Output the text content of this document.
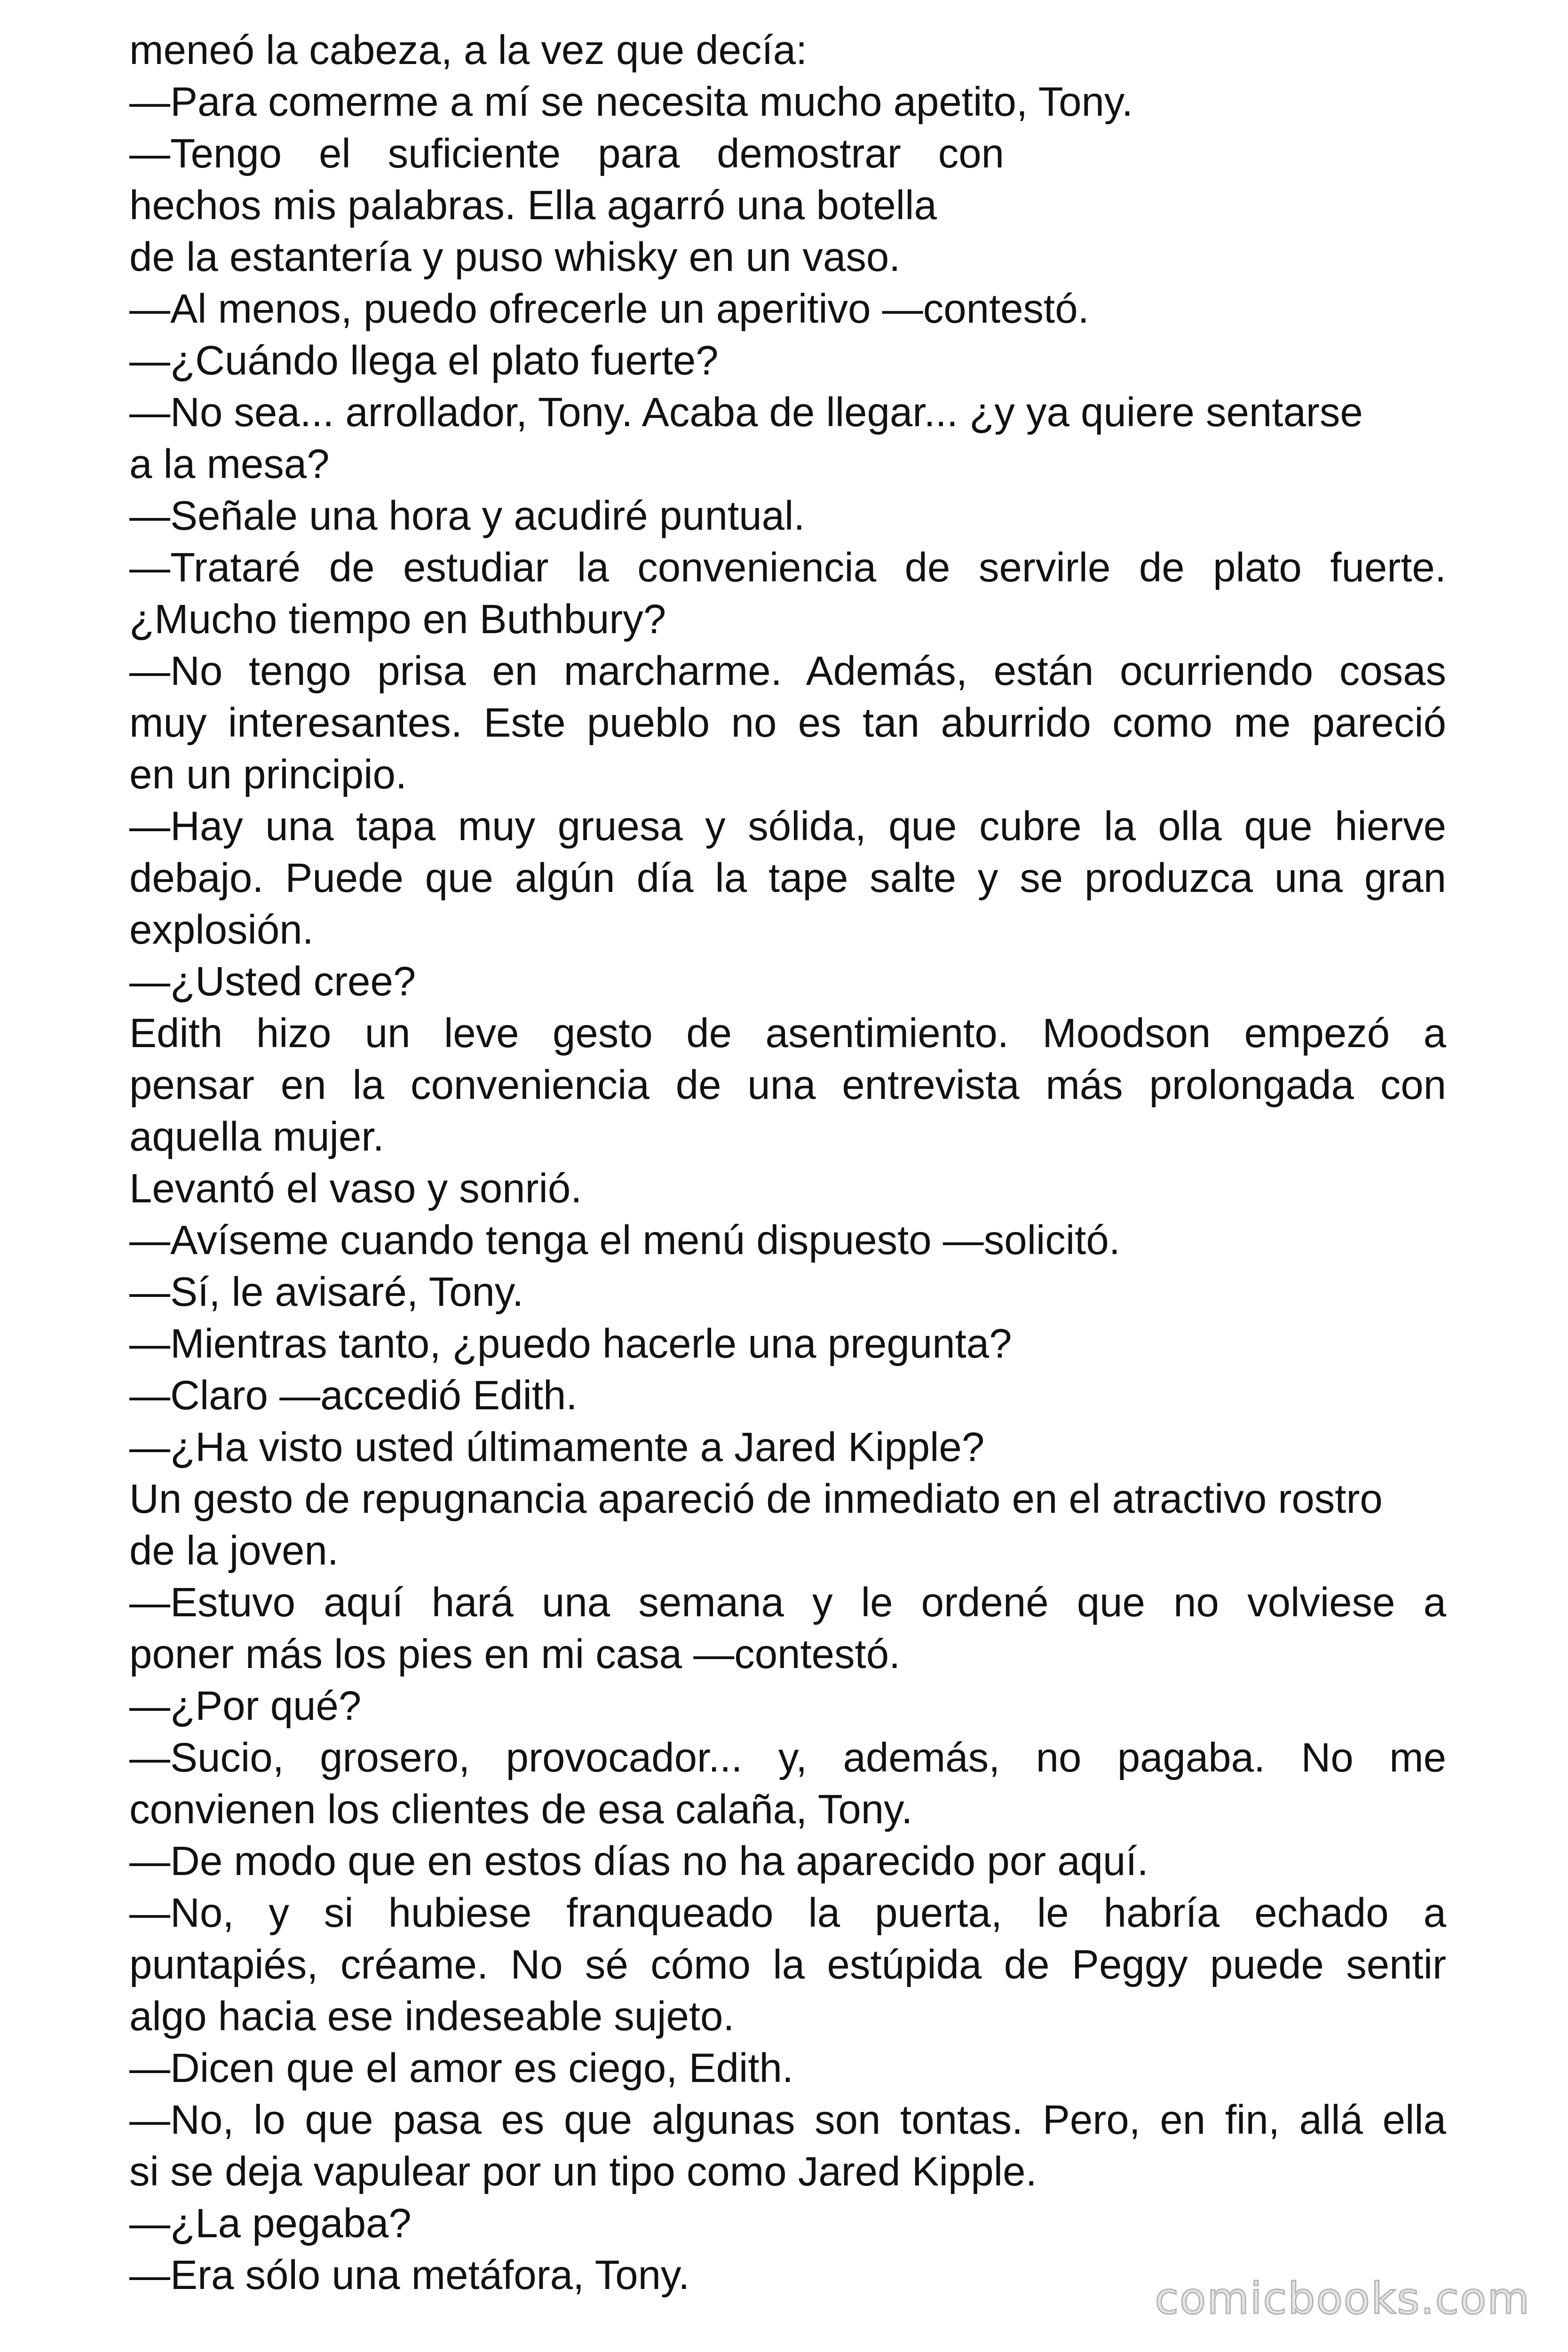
meneó la cabeza, a la vez que decía:
—Para comerme a mí se necesita mucho apetito, Tony.
—Tengo el suficiente para demostrar con
hechos mis palabras. Ella agarró una botella
de la estantería y puso whisky en un vaso.
—Al menos, puedo ofrecerle un aperitivo —contestó.
—¿Cuándo llega el plato fuerte?
—No sea... arrollador, Tony. Acaba de llegar... ¿y ya quiere sentarse
a la mesa?
—Señale una hora y acudiré puntual.
—Trataré de estudiar la conveniencia de servirle de plato fuerte.
¿Mucho tiempo en Buthbury?
—No tengo prisa en marcharme. Además, están ocurriendo cosas
muy interesantes. Este pueblo no es tan aburrido como me pareció
en un principio.
—Hay una tapa muy gruesa y sólida, que cubre la olla que hierve
debajo. Puede que algún día la tape salte y se produzca una gran
explosión.
—¿Usted cree?
Edith hizo un leve gesto de asentimiento. Moodson empezó a
pensar en la conveniencia de una entrevista más prolongada con
aquella mujer.
Levantó el vaso y sonrió.
—Avíseme cuando tenga el menú dispuesto —solicitó.
—Sí, le avisaré, Tony.
—Mientras tanto, ¿puedo hacerle una pregunta?
—Claro —accedió Edith.
—¿Ha visto usted últimamente a Jared Kipple?
Un gesto de repugnancia apareció de inmediato en el atractivo rostro
de la joven.
—Estuvo aquí hará una semana y le ordené que no volviese a
poner más los pies en mi casa —contestó.
—¿Por qué?
—Sucio, grosero, provocador... y, además, no pagaba. No me
convienen los clientes de esa calaña, Tony.
—De modo que en estos días no ha aparecido por aquí.
—No, y si hubiese franqueado la puerta, le habría echado a
puntapiés, créame. No sé cómo la estúpida de Peggy puede sentir
algo hacia ese indeseable sujeto.
—Dicen que el amor es ciego, Edith.
—No, lo que pasa es que algunas son tontas. Pero, en fin, allá ella
si se deja vapulear por un tipo como Jared Kipple.
—¿La pegaba?
—Era sólo una metáfora, Tony.	comicbooks.com
